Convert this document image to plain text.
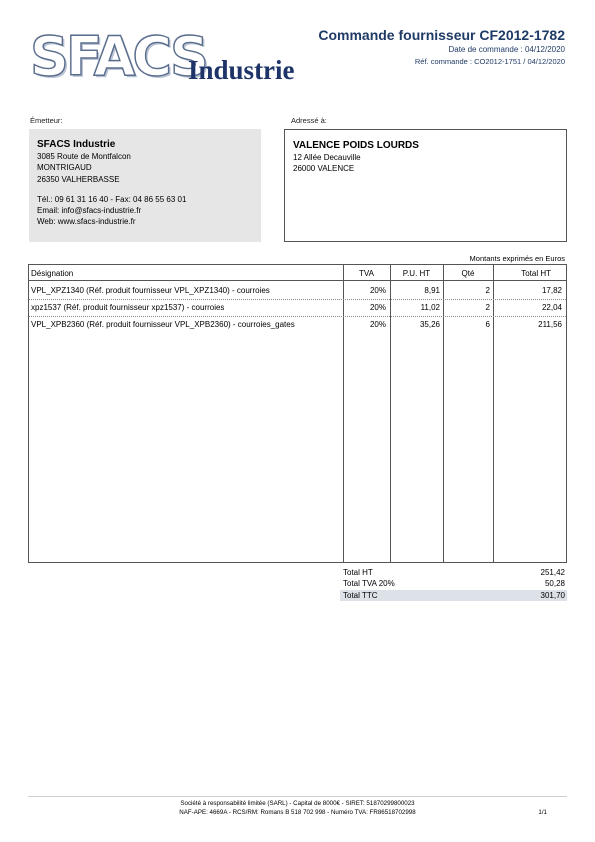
SFACS
Industrie
Commande fournisseur CF2012-1782
Date de commande : 04/12/2020
Réf. commande : CO2012-1751 / 04/12/2020
Émetteur:
SFACS Industrie
3085 Route de Montfalcon
MONTRIGAUD
26350 VALHERBASSE
Tél.: 09 61 31 16 40 - Fax: 04 86 55 63 01
Email: info@sfacs-industrie.fr
Web: www.sfacs-industrie.fr
Adressé à:
VALENCE POIDS LOURDS
12 Allée Decauville
26000 VALENCE
Montants exprimés en Euros
Désignation	TVA	P.U. HT	Qté	Total HT
VPL_XPZ1340 (Réf. produit fournisseur VPL_XPZ1340) - courroies	20%	8,91	2	17,82
xpz1537 (Réf. produit fournisseur xpz1537) - courroies	20%	11,02	2	22,04
VPL_XPB2360 (Réf. produit fournisseur VPL_XPB2360) - courroies_gates	20%	35,26	6	211,56
Total HT	251,42
Total TVA 20%	50,28
Total TTC	301,70
Société à responsabilité limitée (SARL) - Capital de 8000€ - SIRET: 51870299800023
NAF-APE: 4669A - RCS/RM: Romans B 518 702 998 - Numéro TVA: FR86518702998	1/1
